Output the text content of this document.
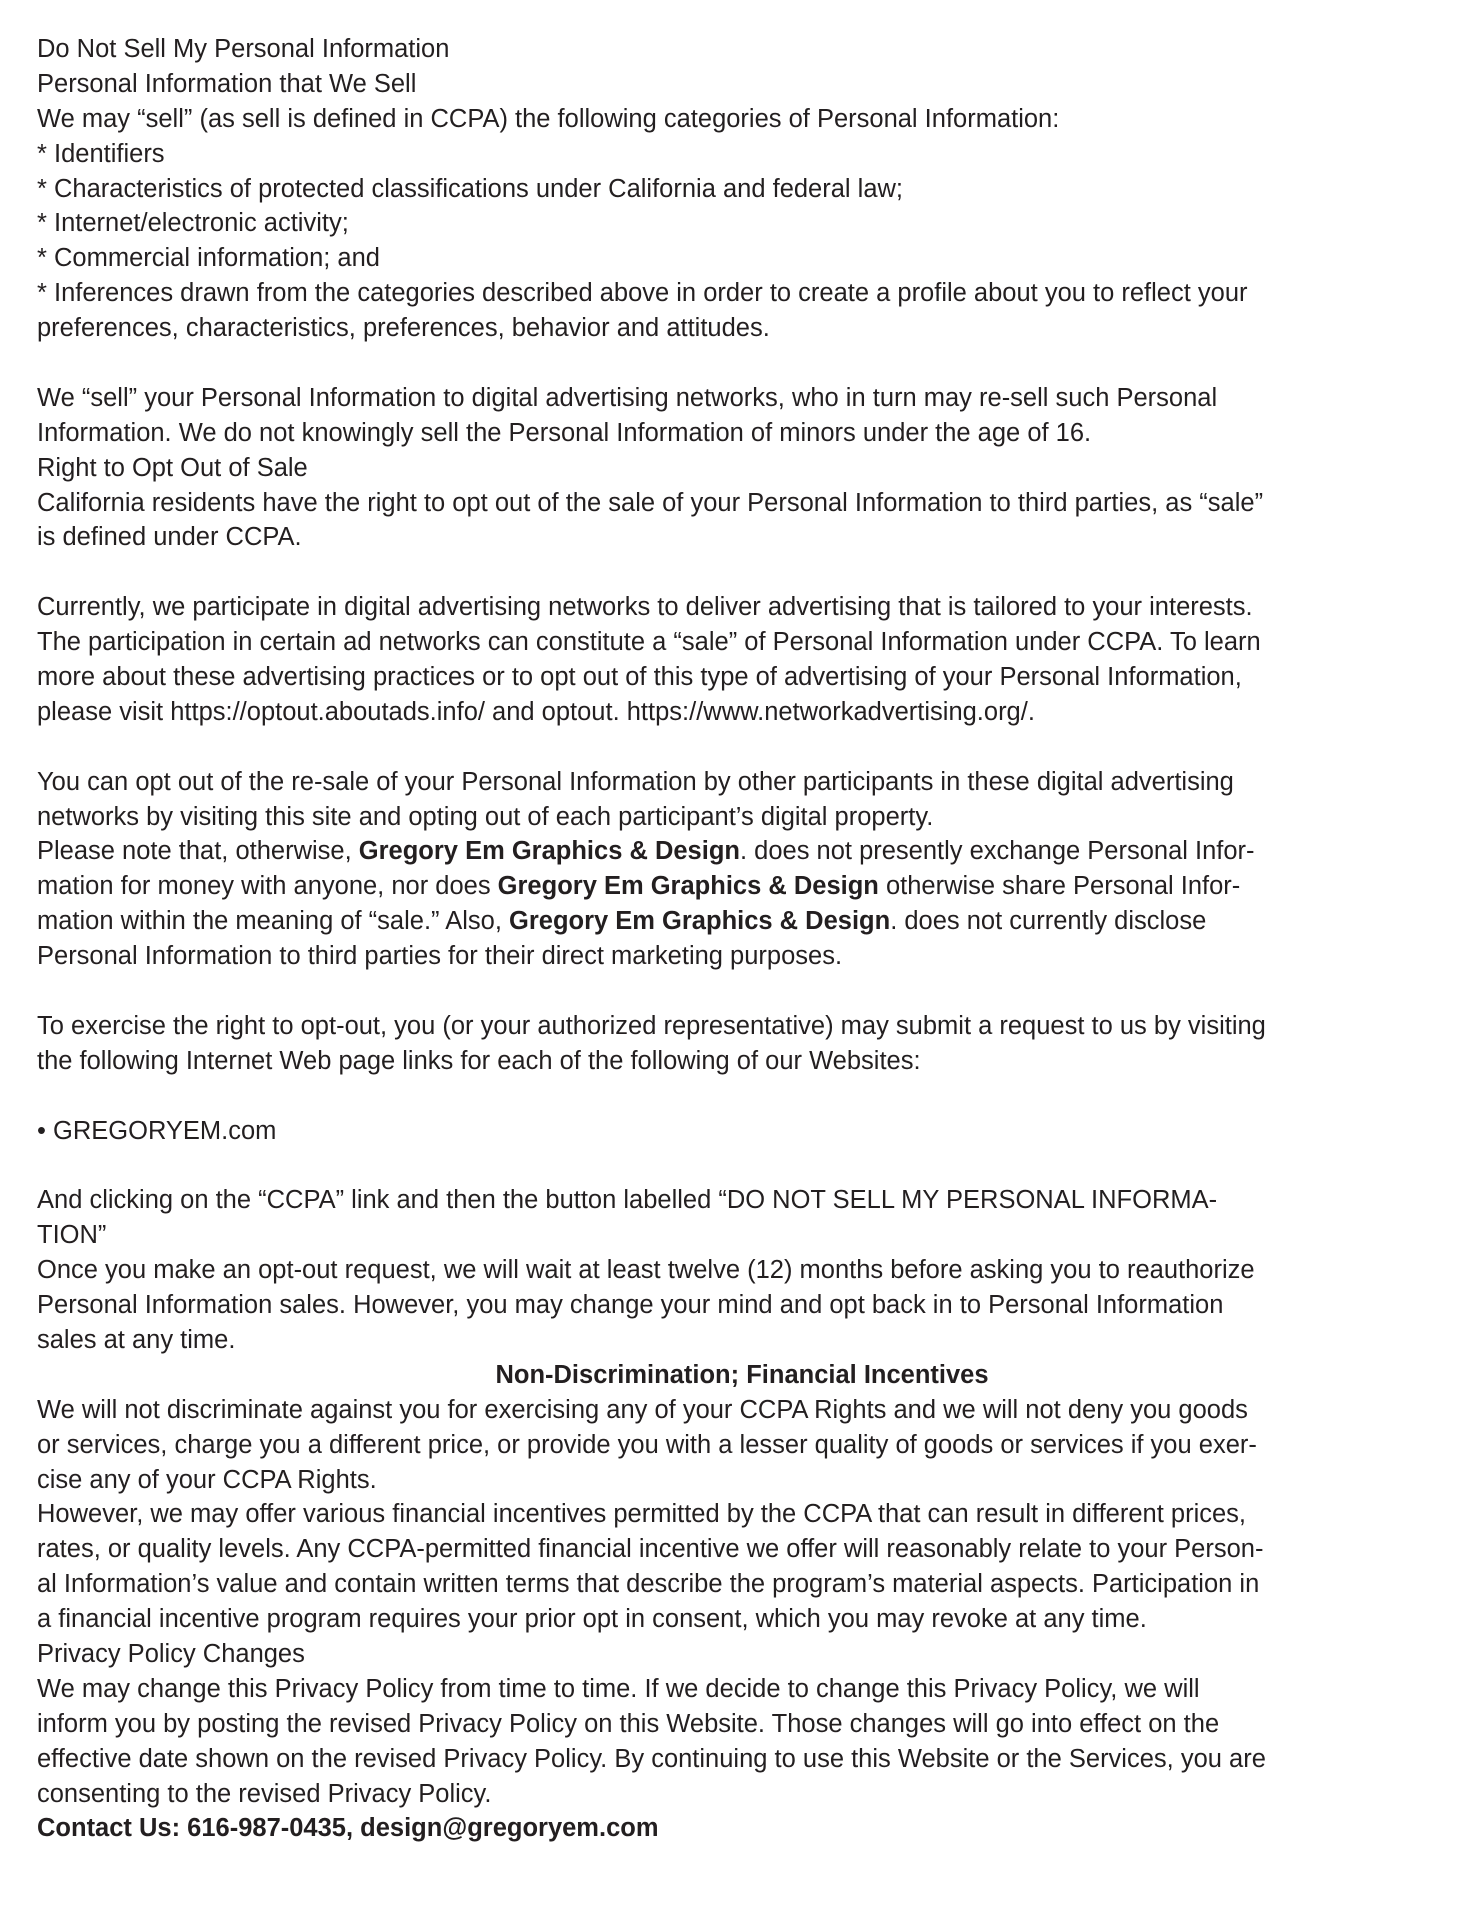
Do Not Sell My Personal Information
Personal Information that We Sell
We may “sell” (as sell is defined in CCPA) the following categories of Personal Information:
* Identifiers
* Characteristics of protected classifications under California and federal law;
* Internet/electronic activity;
* Commercial information; and
* Inferences drawn from the categories described above in order to create a profile about you to reflect your
preferences, characteristics, preferences, behavior and attitudes.
We “sell” your Personal Information to digital advertising networks, who in turn may re-sell such Personal
Information. We do not knowingly sell the Personal Information of minors under the age of 16.
Right to Opt Out of Sale
California residents have the right to opt out of the sale of your Personal Information to third parties, as “sale”
is defined under CCPA.
Currently, we participate in digital advertising networks to deliver advertising that is tailored to your interests.
The participation in certain ad networks can constitute a “sale” of Personal Information under CCPA. To learn
more about these advertising practices or to opt out of this type of advertising of your Personal Information,
please visit https://optout.aboutads.info/ and optout. https://www.networkadvertising.org/.
You can opt out of the re-sale of your Personal Information by other participants in these digital advertising
networks by visiting this site and opting out of each participant’s digital property.
Please note that, otherwise, Gregory Em Graphics & Design. does not presently exchange Personal Infor-
mation for money with anyone, nor does Gregory Em Graphics & Design otherwise share Personal Infor-
mation within the meaning of “sale.” Also, Gregory Em Graphics & Design. does not currently disclose
Personal Information to third parties for their direct marketing purposes.
To exercise the right to opt-out, you (or your authorized representative) may submit a request to us by visiting
the following Internet Web page links for each of the following of our Websites:
• GREGORYEM.com
And clicking on the “CCPA” link and then the button labelled “DO NOT SELL MY PERSONAL INFORMA-
TION”
Once you make an opt-out request, we will wait at least twelve (12) months before asking you to reauthorize
Personal Information sales. However, you may change your mind and opt back in to Personal Information
sales at any time.
Non-Discrimination; Financial Incentives
We will not discriminate against you for exercising any of your CCPA Rights and we will not deny you goods
or services, charge you a different price, or provide you with a lesser quality of goods or services if you exer-
cise any of your CCPA Rights.
However, we may offer various financial incentives permitted by the CCPA that can result in different prices,
rates, or quality levels. Any CCPA-permitted financial incentive we offer will reasonably relate to your Person-
al Information’s value and contain written terms that describe the program’s material aspects. Participation in
a financial incentive program requires your prior opt in consent, which you may revoke at any time.
Privacy Policy Changes
We may change this Privacy Policy from time to time. If we decide to change this Privacy Policy, we will
inform you by posting the revised Privacy Policy on this Website. Those changes will go into effect on the
effective date shown on the revised Privacy Policy. By continuing to use this Website or the Services, you are
consenting to the revised Privacy Policy.
Contact Us: 616-987-0435, design@gregoryem.com
